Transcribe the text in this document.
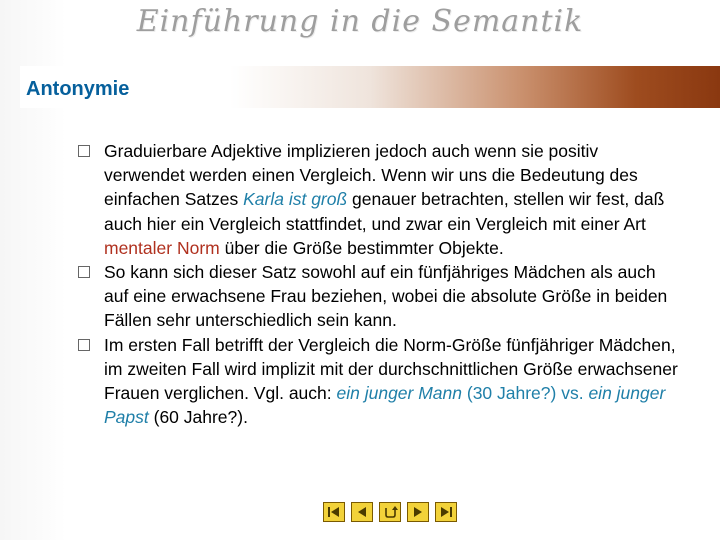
Einführung in die Semantik
Antonymie
Graduierbare Adjektive implizieren jedoch auch wenn sie positiv verwendet werden einen Vergleich. Wenn wir uns die Bedeutung des einfachen Satzes Karla ist groß genauer betrachten, stellen wir fest, daß auch hier ein Vergleich stattfindet, und zwar ein Vergleich mit einer Art mentaler Norm über die Größe bestimmter Objekte.
So kann sich dieser Satz sowohl auf ein fünfjähriges Mädchen als auch auf eine erwachsene Frau beziehen, wobei die absolute Größe in beiden Fällen sehr unterschiedlich sein kann.
Im ersten Fall betrifft der Vergleich die Norm-Größe fünfjähriger Mädchen, im zweiten Fall wird implizit mit der durchschnittlichen Größe erwachsener Frauen verglichen. Vgl. auch: ein junger Mann (30 Jahre?) vs. ein junger Papst (60 Jahre?).
